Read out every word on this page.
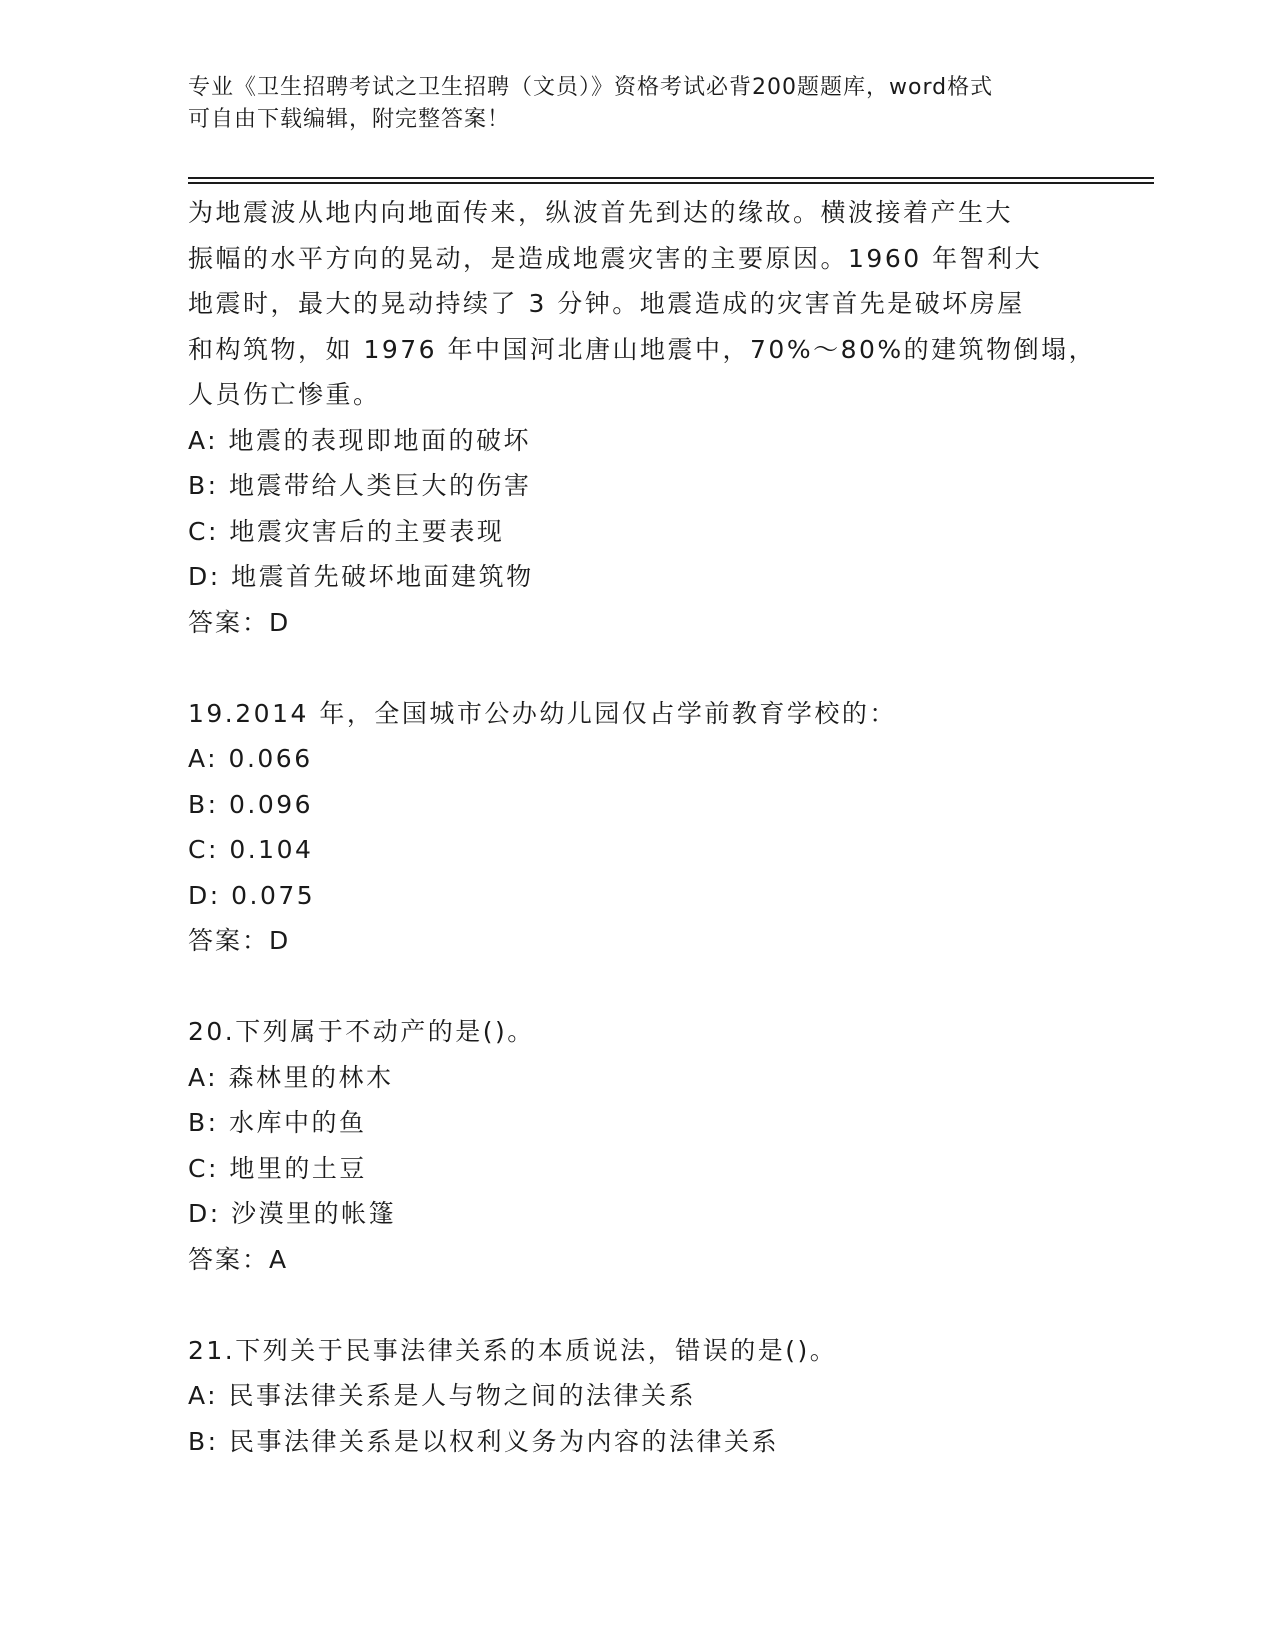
专业《卫生招聘考试之卫生招聘（文员）》资格考试必背200题题库，word格式
可自由下载编辑，附完整答案！
为地震波从地内向地面传来，纵波首先到达的缘故。横波接着产生大
振幅的水平方向的晃动，是造成地震灾害的主要原因。1960 年智利大
地震时，最大的晃动持续了 3 分钟。地震造成的灾害首先是破坏房屋
和构筑物，如 1976 年中国河北唐山地震中，70%～80%的建筑物倒塌，
人员伤亡惨重。
A: 地震的表现即地面的破坏
B: 地震带给人类巨大的伤害
C: 地震灾害后的主要表现
D: 地震首先破坏地面建筑物
答案：D
19.2014 年，全国城市公办幼儿园仅占学前教育学校的：
A: 0.066
B: 0.096
C: 0.104
D: 0.075
答案：D
20.下列属于不动产的是()。
A: 森林里的林木
B: 水库中的鱼
C: 地里的土豆
D: 沙漠里的帐篷
答案：A
21.下列关于民事法律关系的本质说法，错误的是()。
A: 民事法律关系是人与物之间的法律关系
B: 民事法律关系是以权利义务为内容的法律关系
